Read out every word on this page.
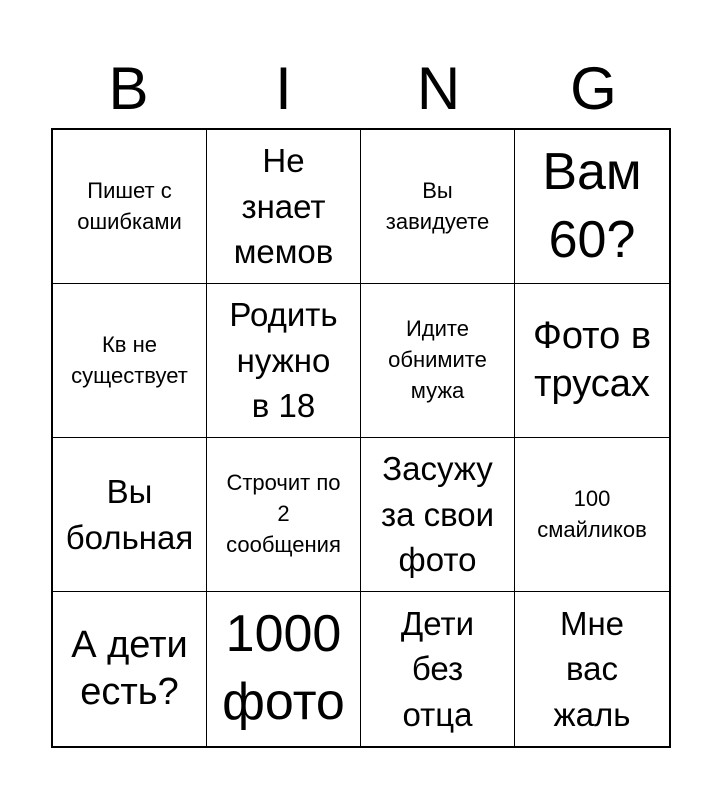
B	I	N	G
Пишет с
ошибками
Не
знает
мемов
Вы
завидуете
Вам
60?
Кв не
существует
Родить
нужно
в 18
Идите
обнимите
мужа
Фото в
трусах
Вы
больная
Строчит по
2
сообщения
Засужу
за свои
фото
100
смайликов
А дети
есть?
1000
фото
Дети
без
отца
Мне
вас
жаль
